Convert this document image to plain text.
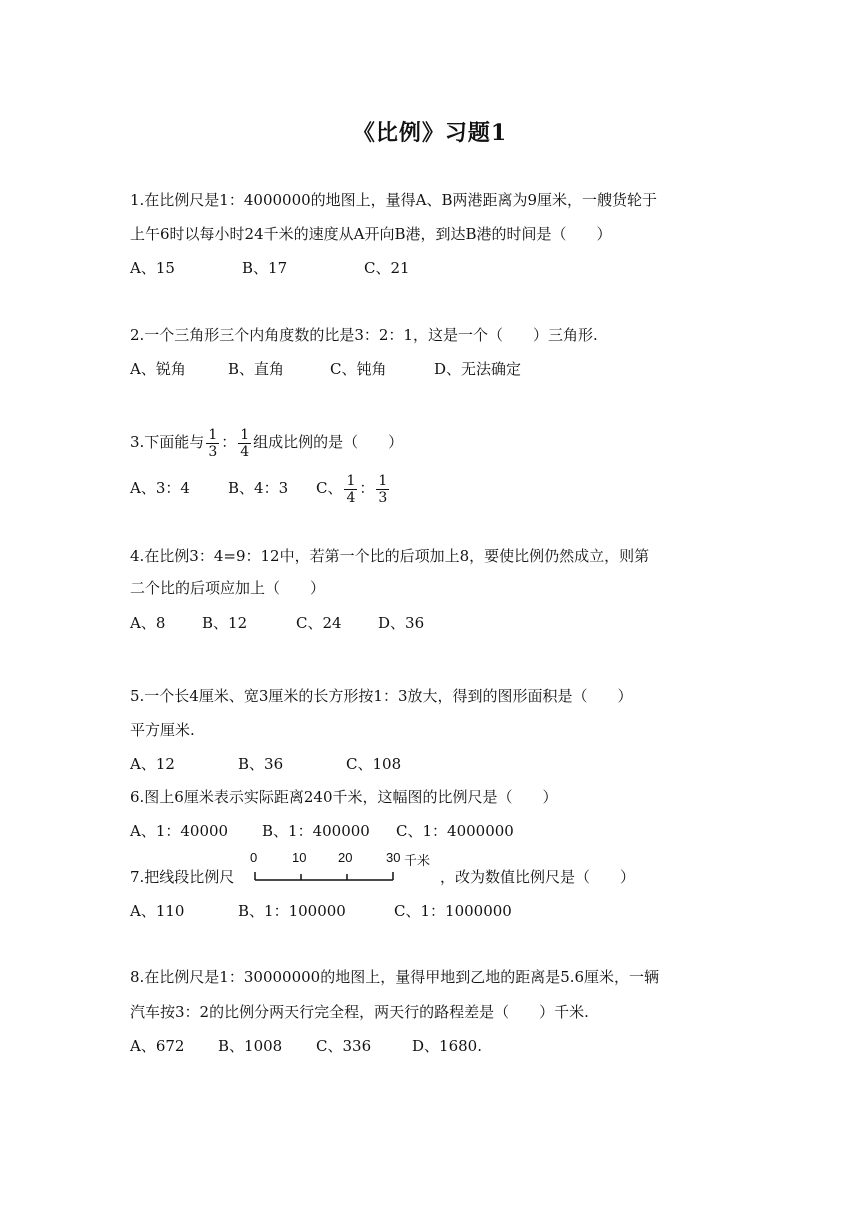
《比例》习题1
1.在比例尺是1：4000000的地图上，量得A、B两港距离为9厘米，一艘货轮于
上午6时以每小时24千米的速度从A开向B港，到达B港的时间是（　　）
A、15	B、17	C、21
2.一个三角形三个内角度数的比是3：2：1，这是一个（　　）三角形.
A、锐角	B、直角	C、钝角	D、无法确定
3.下面能与 $\frac{1}{3}$ ： $\frac{1}{4}$ 组成比例的是（　　）
A、3：4	B、4：3 C、 $\frac{1}{4}$ ： $\frac{1}{3}$
4.在比例3：4=9：12中，若第一个比的后项加上8，要使比例仍然成立，则第
二个比的后项应加上（　　）
A、8 B、12	C、24 D、36
5.一个长4厘米、宽3厘米的长方形按1：3放大，得到的图形面积是（　　）
平方厘米.
A、12	B、36	C、108
6.图上6厘米表示实际距离240千米，这幅图的比例尺是（　　）
A、1：40000 B、1：400000 C、1：4000000
7.把线段比例尺	，改为数值比例尺是（　　）
0	10 20	30 千米
A、110	B、1：100000	C、1：1000000
8.在比例尺是1：30000000的地图上，量得甲地到乙地的距离是5.6厘米，一辆
汽车按3：2的比例分两天行完全程，两天行的路程差是（　　）千米.
A、672 B、1008 C、336	D、1680.
